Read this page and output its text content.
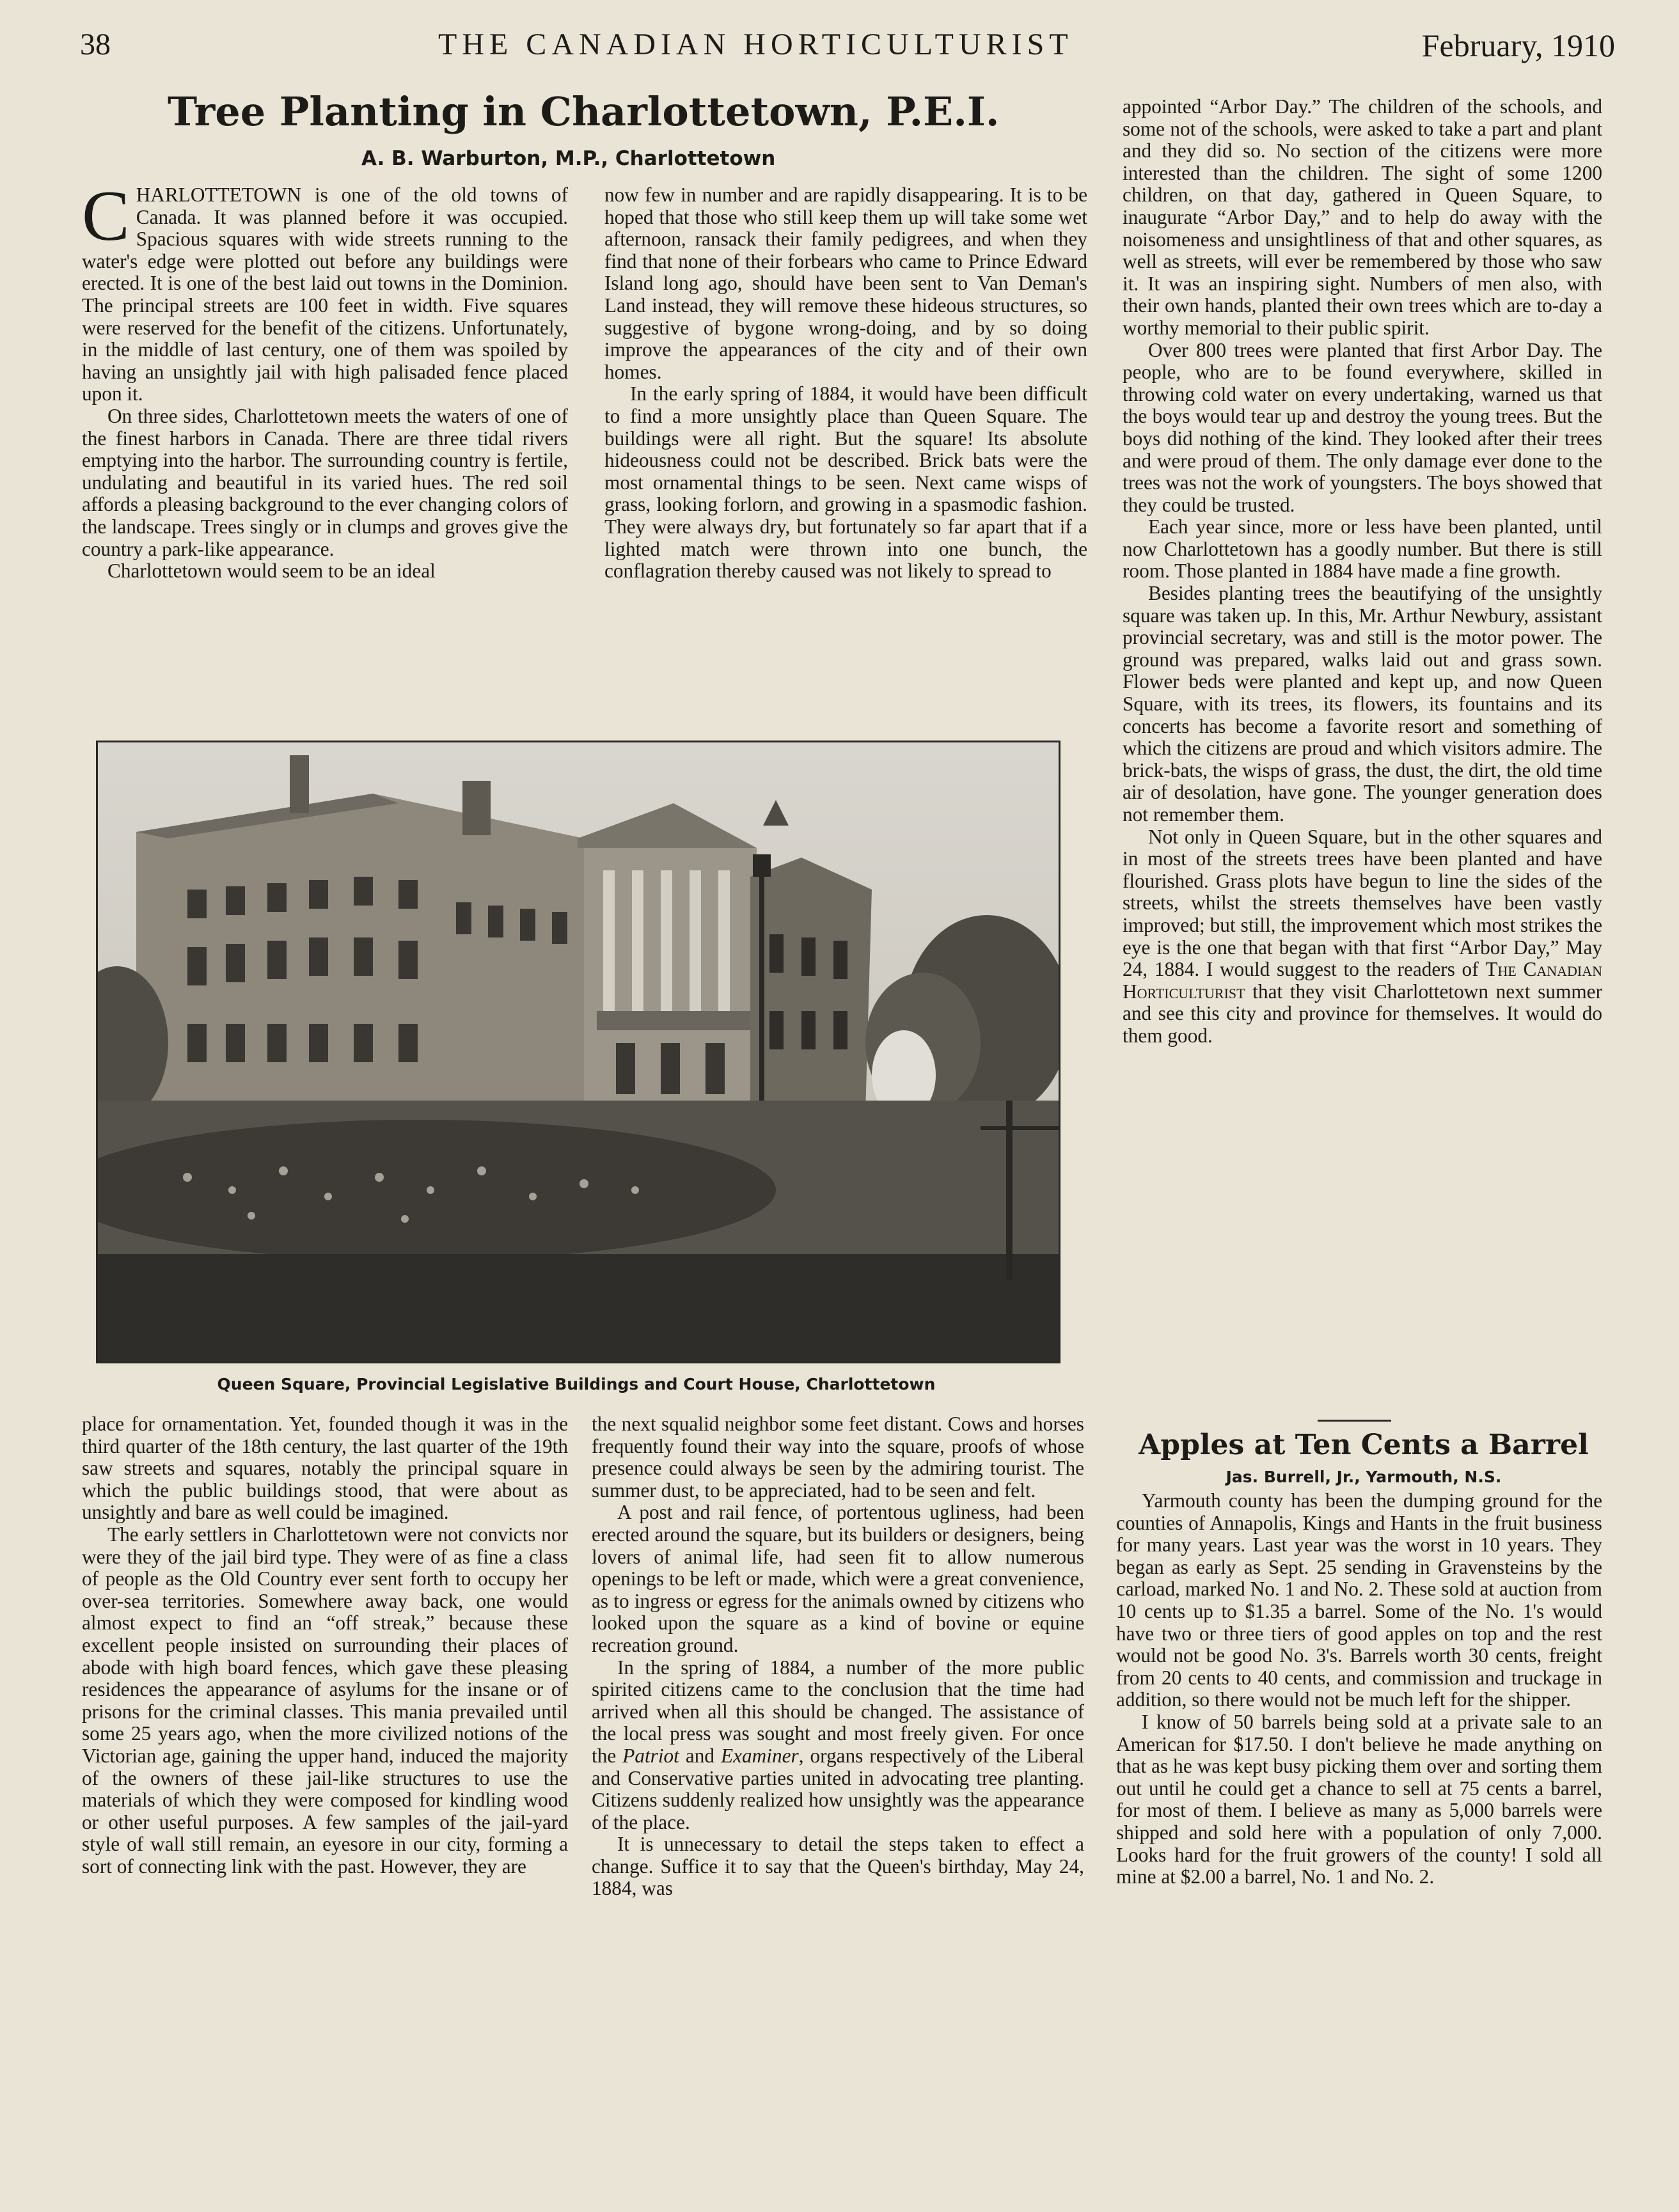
38	THE CANADIAN HORTICULTURIST	February, 1910
Tree Planting in Charlottetown, P.E.I.
A. B. Warburton, M.P., Charlottetown

CHARLOTTETOWN is one of the old towns of Canada. It was planned before it was occupied. Spacious squares with wide streets running to the water's edge were plotted out before any buildings were erected. It is one of the best laid out towns in the Dominion. The principal streets are 100 feet in width. Five squares were reserved for the benefit of the citizens. Unfortunately, in the middle of last century, one of them was spoiled by having an unsightly jail with high palisaded fence placed upon it.

On three sides, Charlottetown meets the waters of one of the finest harbors in Canada. There are three tidal rivers emptying into the harbor. The surrounding country is fertile, undulating and beautiful in its varied hues. The red soil affords a pleasing background to the ever changing colors of the landscape. Trees singly or in clumps and groves give the country a park-like appearance.

Charlottetown would seem to be an ideal

now few in number and are rapidly disappearing. It is to be hoped that those who still keep them up will take some wet afternoon, ransack their family pedigrees, and when they find that none of their forbears who came to Prince Edward Island long ago, should have been sent to Van Deman's Land instead, they will remove these hideous structures, so suggestive of bygone wrong-doing, and by so doing improve the appearances of the city and of their own homes.

In the early spring of 1884, it would have been difficult to find a more unsightly place than Queen Square. The buildings were all right. But the square! Its absolute hideousness could not be described. Brick bats were the most ornamental things to be seen. Next came wisps of grass, looking forlorn, and growing in a spasmodic fashion. They were always dry, but fortunately so far apart that if a lighted match were thrown into one bunch, the conflagration thereby caused was not likely to spread to

appointed “Arbor Day.” The children of the schools, and some not of the schools, were asked to take a part and plant and they did so. No section of the citizens were more interested than the children. The sight of some 1200 children, on that day, gathered in Queen Square, to inaugurate “Arbor Day,” and to help do away with the noisomeness and unsightliness of that and other squares, as well as streets, will ever be remembered by those who saw it. It was an inspiring sight. Numbers of men also, with their own hands, planted their own trees which are to-day a worthy memorial to their public spirit.

Over 800 trees were planted that first Arbor Day. The people, who are to be found everywhere, skilled in throwing cold water on every undertaking, warned us that the boys would tear up and destroy the young trees. But the boys did nothing of the kind. They looked after their trees and were proud of them. The only damage ever done to the trees was not the work of youngsters. The boys showed that they could be trusted.

Each year since, more or less have been planted, until now Charlottetown has a goodly number. But there is still room. Those planted in 1884 have made a fine growth.

Besides planting trees the beautifying of the unsightly square was taken up. In this, Mr. Arthur Newbury, assistant provincial secretary, was and still is the motor power. The ground was prepared, walks laid out and grass sown. Flower beds were planted and kept up, and now Queen Square, with its trees, its flowers, its fountains and its concerts has become a favorite resort and something of which the citizens are proud and which visitors admire. The brick-bats, the wisps of grass, the dust, the dirt, the old time air of desolation, have gone. The younger generation does not remember them.

Not only in Queen Square, but in the other squares and in most of the streets trees have been planted and have flourished. Grass plots have begun to line the sides of the streets, whilst the streets themselves have been vastly improved; but still, the improvement which most strikes the eye is the one that began with that first “Arbor Day,” May 24, 1884. I would suggest to the readers of The Canadian Horticulturist that they visit Charlottetown next summer and see this city and province for themselves. It would do them good.

Queen Square, Provincial Legislative Buildings and Court House, Charlottetown

place for ornamentation. Yet, founded though it was in the third quarter of the 18th century, the last quarter of the 19th saw streets and squares, notably the principal square in which the public buildings stood, that were about as unsightly and bare as well could be imagined.

The early settlers in Charlottetown were not convicts nor were they of the jail bird type. They were of as fine a class of people as the Old Country ever sent forth to occupy her over-sea territories. Somewhere away back, one would almost expect to find an “off streak,” because these excellent people insisted on surrounding their places of abode with high board fences, which gave these pleasing residences the appearance of asylums for the insane or of prisons for the criminal classes. This mania prevailed until some 25 years ago, when the more civilized notions of the Victorian age, gaining the upper hand, induced the majority of the owners of these jail-like structures to use the materials of which they were composed for kindling wood or other useful purposes. A few samples of the jail-yard style of wall still remain, an eyesore in our city, forming a sort of connecting link with the past. However, they are

the next squalid neighbor some feet distant. Cows and horses frequently found their way into the square, proofs of whose presence could always be seen by the admiring tourist. The summer dust, to be appreciated, had to be seen and felt.

A post and rail fence, of portentous ugliness, had been erected around the square, but its builders or designers, being lovers of animal life, had seen fit to allow numerous openings to be left or made, which were a great convenience, as to ingress or egress for the animals owned by citizens who looked upon the square as a kind of bovine or equine recreation ground.

In the spring of 1884, a number of the more public spirited citizens came to the conclusion that the time had arrived when all this should be changed. The assistance of the local press was sought and most freely given. For once the Patriot and Examiner, organs respectively of the Liberal and Conservative parties united in advocating tree planting. Citizens suddenly realized how unsightly was the appearance of the place.

It is unnecessary to detail the steps taken to effect a change. Suffice it to say that the Queen's birthday, May 24, 1884, was

Apples at Ten Cents a Barrel
Jas. Burrell, Jr., Yarmouth, N.S.

Yarmouth county has been the dumping ground for the counties of Annapolis, Kings and Hants in the fruit business for many years. Last year was the worst in 10 years. They began as early as Sept. 25 sending in Gravensteins by the carload, marked No. 1 and No. 2. These sold at auction from 10 cents up to $1.35 a barrel. Some of the No. 1's would have two or three tiers of good apples on top and the rest would not be good No. 3's. Barrels worth 30 cents, freight from 20 cents to 40 cents, and commission and truckage in addition, so there would not be much left for the shipper.

I know of 50 barrels being sold at a private sale to an American for $17.50. I don't believe he made anything on that as he was kept busy picking them over and sorting them out until he could get a chance to sell at 75 cents a barrel, for most of them. I believe as many as 5,000 barrels were shipped and sold here with a population of only 7,000. Looks hard for the fruit growers of the county! I sold all mine at $2.00 a barrel, No. 1 and No. 2.
